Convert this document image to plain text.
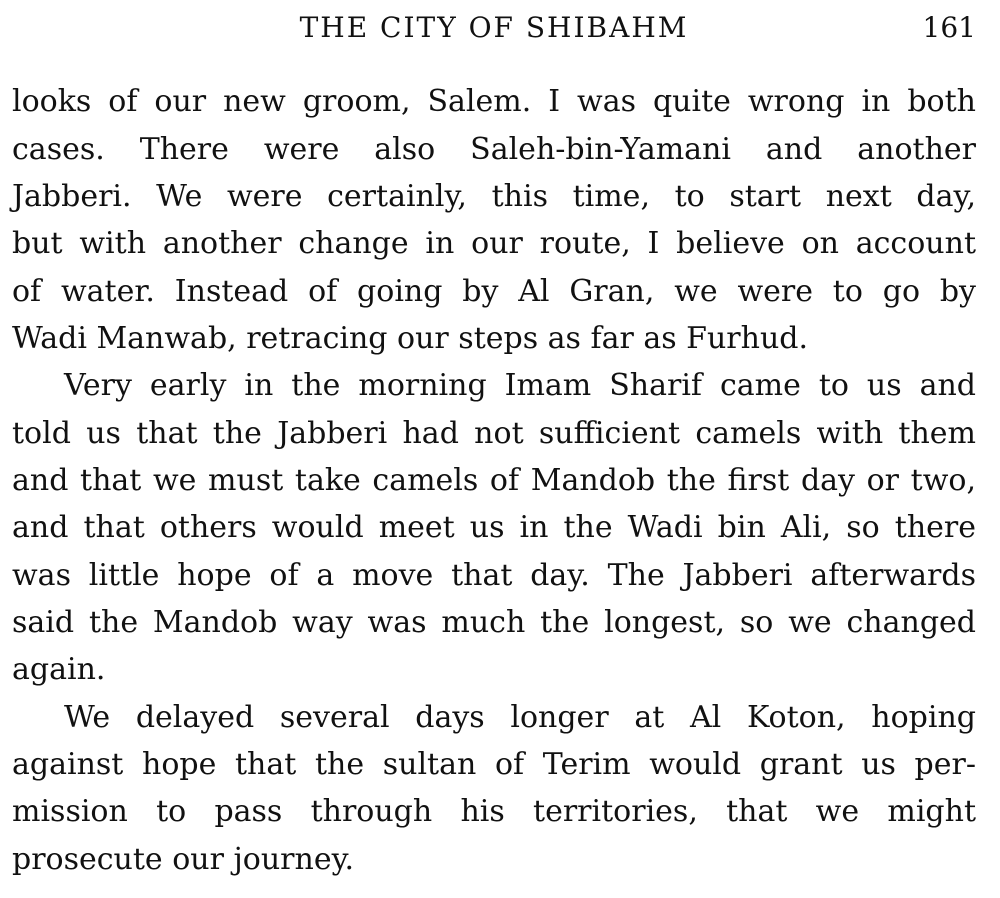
THE CITY OF SHIBAHM	161
looks of our new groom, Salem. I was quite wrong in both
cases. There were also Saleh-bin-Yamani and another
Jabberi. We were certainly, this time, to start next day,
but with another change in our route, I believe on account
of water. Instead of going by Al Gran, we were to go by
Wadi Manwab, retracing our steps as far as Furhud.
Very early in the morning Imam Sharif came to us and
told us that the Jabberi had not sufficient camels with them
and that we must take camels of Mandob the first day or two,
and that others would meet us in the Wadi bin Ali, so there
was little hope of a move that day. The Jabberi afterwards
said the Mandob way was much the longest, so we changed
again.
We delayed several days longer at Al Koton, hoping
against hope that the sultan of Terim would grant us per-
mission to pass through his territories, that we might
prosecute our journey.
